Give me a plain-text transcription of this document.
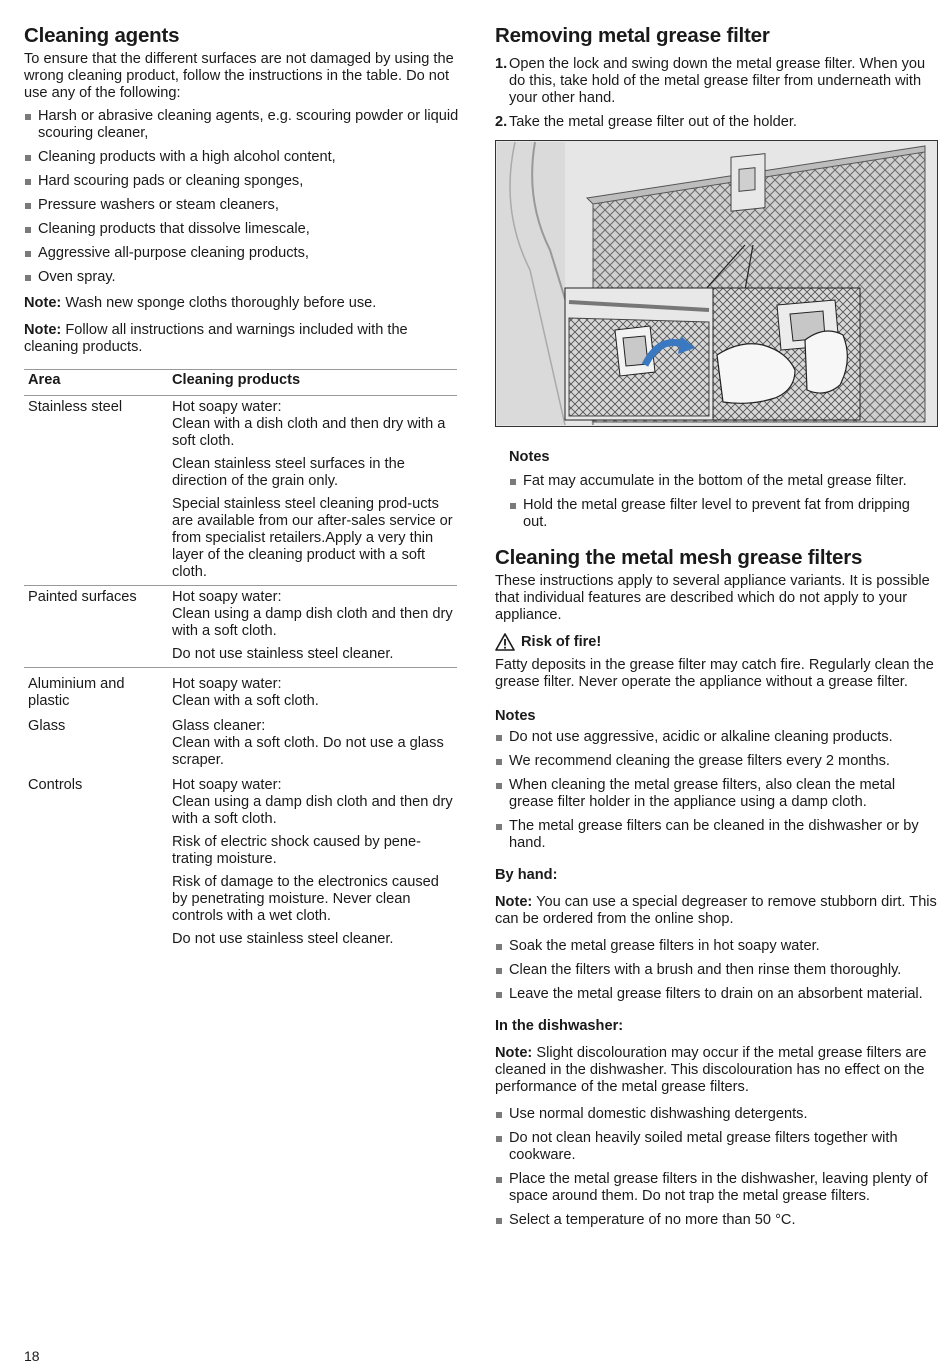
Cleaning agents

To ensure that the different surfaces are not damaged by using the wrong cleaning product, follow the instructions in the table. Do not use any of the following:

Harsh or abrasive cleaning agents, e.g. scouring powder or liquid scouring cleaner,
Cleaning products with a high alcohol content,
Hard scouring pads or cleaning sponges,
Pressure washers or steam cleaners,
Cleaning products that dissolve limescale,
Aggressive all-purpose cleaning products,
Oven spray.

Note: Wash new sponge cloths thoroughly before use.

Note: Follow all instructions and warnings included with the cleaning products.

Area	Cleaning products
Stainless steel	Hot soapy water:
Clean with a dish cloth and then dry with a soft cloth.
Clean stainless steel surfaces in the direction of the grain only.
Special stainless steel cleaning prod-ucts are available from our after-sales service or from specialist retailers.Apply a very thin layer of the cleaning product with a soft cloth.

Painted surfaces	Hot soapy water:
Clean using a damp dish cloth and then dry with a soft cloth.
Do not use stainless steel cleaner.

Aluminium and plastic	Hot soapy water:
Clean with a soft cloth.

Glass	Glass cleaner:
Clean with a soft cloth. Do not use a glass scraper.

Controls	Hot soapy water:
Clean using a damp dish cloth and then dry with a soft cloth.
Risk of electric shock caused by pene-trating moisture.
Risk of damage to the electronics caused by penetrating moisture. Never clean controls with a wet cloth.
Do not use stainless steel cleaner.
Removing metal grease filter
1. Open the lock and swing down the metal grease filter. When you do this, take hold of the metal grease filter from underneath with your other hand.
2. Take the metal grease filter out of the holder.
Notes
Fat may accumulate in the bottom of the metal grease filter.
Hold the metal grease filter level to prevent fat from dripping out.
Cleaning the metal mesh grease filters

These instructions apply to several appliance variants. It is possible that individual features are described which do not apply to your appliance.

Risk of fire!

Fatty deposits in the grease filter may catch fire. Regularly clean the grease filter. Never operate the appliance without a grease filter.

Notes
Do not use aggressive, acidic or alkaline cleaning products.
We recommend cleaning the grease filters every 2 months.
When cleaning the metal grease filters, also clean the metal grease filter holder in the appliance using a damp cloth.
The metal grease filters can be cleaned in the dishwasher or by hand.
By hand:

Note: You can use a special degreaser to remove stubborn dirt. This can be ordered from the online shop.

Soak the metal grease filters in hot soapy water.
Clean the filters with a brush and then rinse them thoroughly.
Leave the metal grease filters to drain on an absorbent material.
In the dishwasher:

Note: Slight discolouration may occur if the metal grease filters are cleaned in the dishwasher. This discolouration has no effect on the performance of the metal grease filters.

Use normal domestic dishwashing detergents.
Do not clean heavily soiled metal grease filters together with cookware.
Place the metal grease filters in the dishwasher, leaving plenty of space around them. Do not trap the metal grease filters.
Select a temperature of no more than 50 °C.
18
